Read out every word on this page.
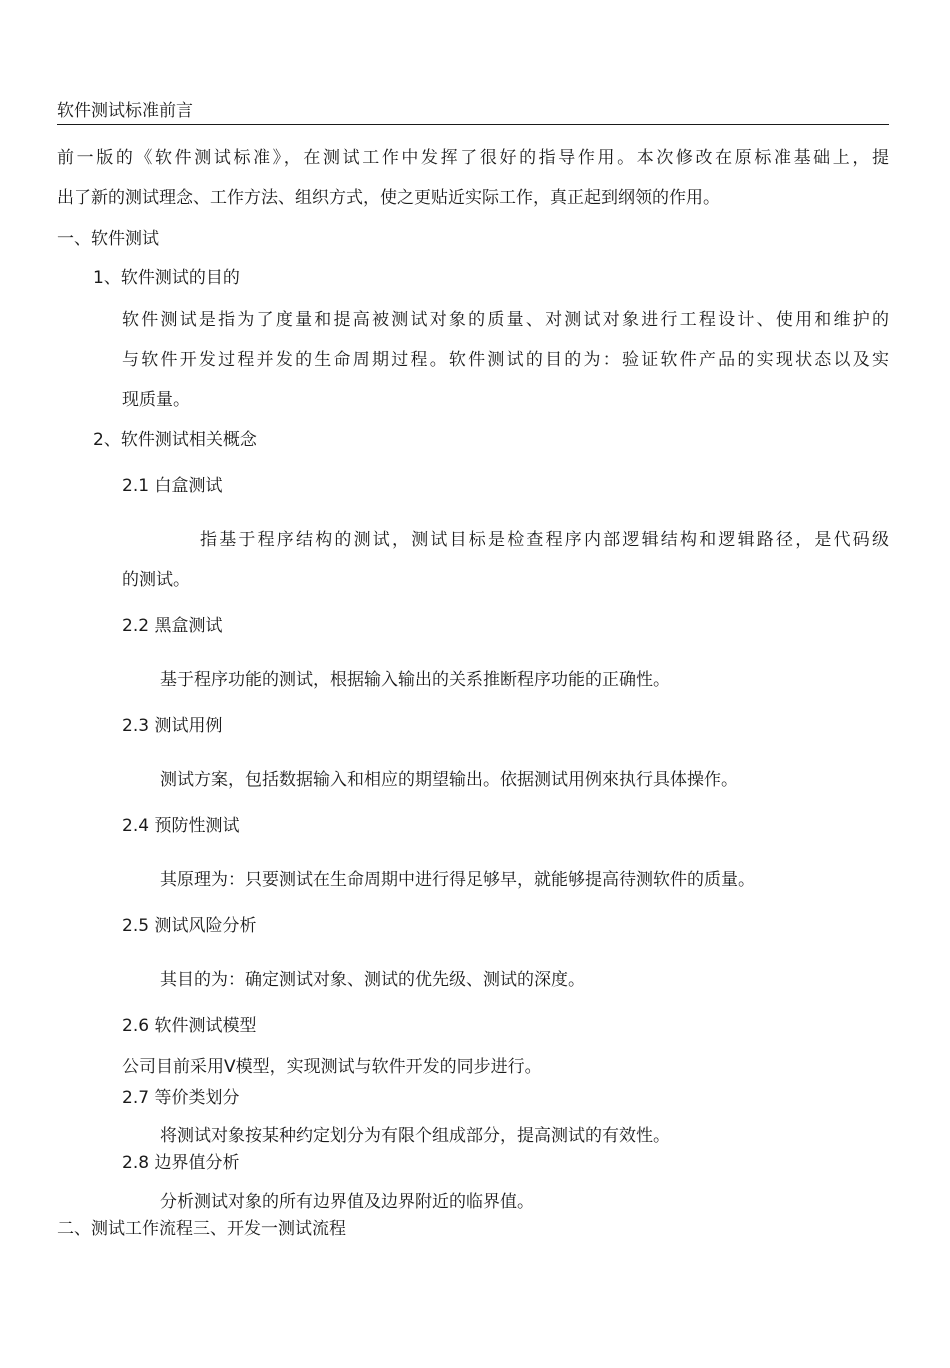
软件测试标准前言
前一版的《软件测试标准》，在测试工作中发挥了很好的指导作用。本次修改在原标准基础上，提
出了新的测试理念、工作方法、组织方式，使之更贴近实际工作，真正起到纲领的作用。
一、软件测试
1、软件测试的目的
软件测试是指为了度量和提高被测试对象的质量、对测试对象进行工程设计、使用和维护的
与软件开发过程并发的生命周期过程。软件测试的目的为：验证软件产品的实现状态以及实
现质量。
2、软件测试相关概念
2.1 白盒测试
指基于程序结构的测试，测试目标是检查程序内部逻辑结构和逻辑路径，是代码级
的测试。
2.2 黑盒测试
基于程序功能的测试，根据输入输出的关系推断程序功能的正确性。
2.3 测试用例
测试方案，包括数据输入和相应的期望输出。依据测试用例來执行具体操作。
2.4 预防性测试
其原理为：只要测试在生命周期中进行得足够早，就能够提高待测软件的质量。
2.5 测试风险分析
其目的为：确定测试对象、测试的优先级、测试的深度。
2.6 软件测试模型
公司目前采用V模型，实现测试与软件开发的同步进行。
2.7 等价类划分
将测试对象按某种约定划分为有限个组成部分，提高测试的有效性。
2.8 边界值分析
分析测试对象的所有边界值及边界附近的临界值。
二、测试工作流程三、开发一测试流程
